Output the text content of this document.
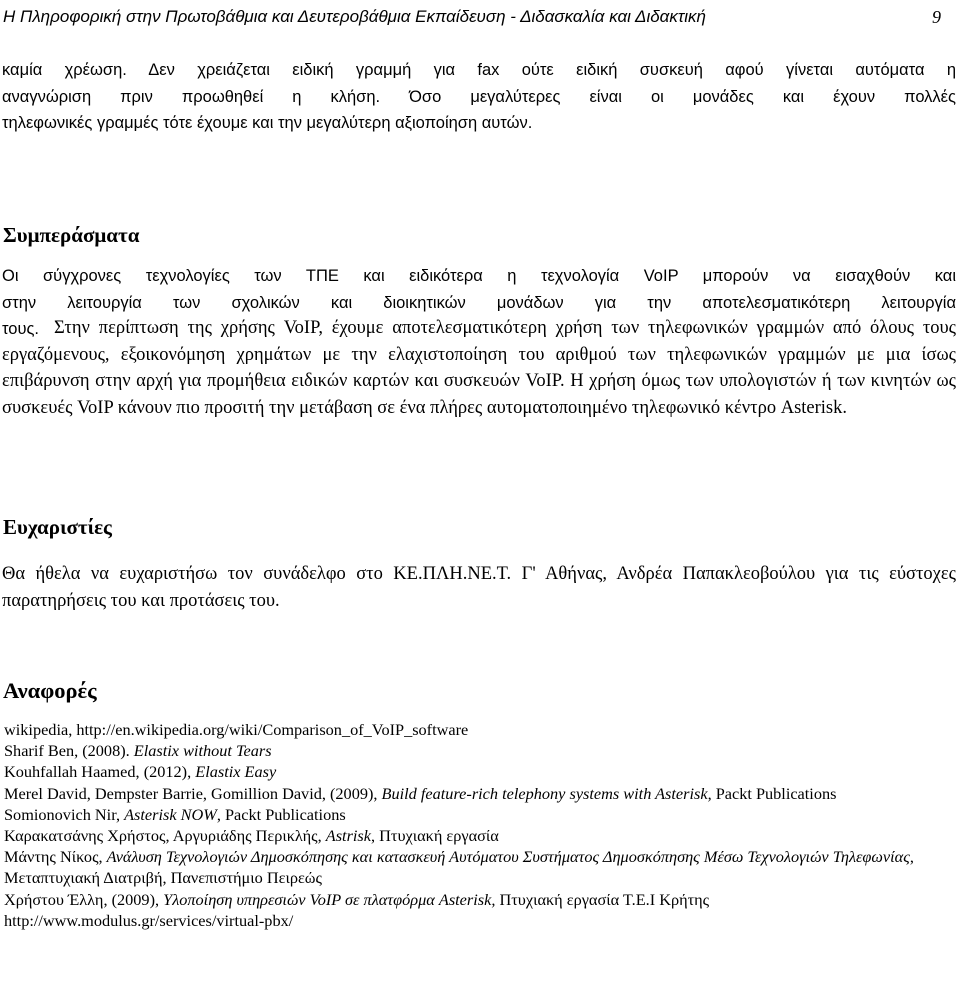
Η Πληροφορική στην Πρωτοβάθμια και Δευτεροβάθμια Εκπαίδευση - Διδασκαλία και Διδακτική	9
καμία χρέωση. Δεν χρειάζεται ειδική γραμμή για fax ούτε ειδική συσκευή αφού γίνεται αυτόματα η
αναγνώριση πριν προωθηθεί η κλήση. Όσο μεγαλύτερες είναι οι μονάδες και έχουν πολλές
τηλεφωνικές γραμμές τότε έχουμε και την μεγαλύτερη αξιοποίηση αυτών.
Συμπεράσματα
Οι σύγχρονες τεχνολογίες των ΤΠΕ και ειδικότερα η τεχνολογία VoIP μπορούν να εισαχθούν και
στην λειτουργία των σχολικών και διοικητικών μονάδων για την αποτελεσματικότερη λειτουργία
τους. Στην περίπτωση της χρήσης VoIP, έχουμε αποτελεσματικότερη χρήση των τηλεφωνικών γραμμών από όλους τους εργαζόμενους, εξοικονόμηση χρημάτων με την ελαχιστοποίηση του αριθμού των τηλεφωνικών γραμμών με μια ίσως επιβάρυνση στην αρχή για προμήθεια ειδικών καρτών και συσκευών VoIP. Η χρήση όμως των υπολογιστών ή των κινητών ως συσκευές VoIP κάνουν πιο προσιτή την μετάβαση σε ένα πλήρες αυτοματοποιημένο τηλεφωνικό κέντρο Asterisk.
Ευχαριστίες
Θα ήθελα να ευχαριστήσω τον συνάδελφο στο ΚΕ.ΠΛΗ.ΝΕ.Τ. Γ' Αθήνας, Ανδρέα Παπακλεοβούλου για τις εύστοχες παρατηρήσεις του και προτάσεις του.
Αναφορές
wikipedia, http://en.wikipedia.org/wiki/Comparison_of_VoIP_software
Sharif Ben, (2008). Elastix without Tears
Kouhfallah Haamed, (2012), Elastix Easy
Merel David, Dempster Barrie, Gomillion David, (2009), Build feature-rich telephony systems with Asterisk, Packt Publications
Somionovich Nir, Asterisk NOW, Packt Publications
Καρακατσάνης Χρήστος, Αργυριάδης Περικλής, Astrisk, Πτυχιακή εργασία
Μάντης Νίκος, Ανάλυση Τεχνολογιών Δημοσκόπησης και κατασκευή Αυτόματου Συστήματος Δημοσκόπησης Μέσω Τεχνολογιών Τηλεφωνίας, Μεταπτυχιακή Διατριβή, Πανεπιστήμιο Πειρεώς
Χρήστου Έλλη, (2009), Υλοποίηση υπηρεσιών VoIP σε πλατφόρμα Asterisk, Πτυχιακή εργασία Τ.Ε.Ι Κρήτης
http://www.modulus.gr/services/virtual-pbx/
